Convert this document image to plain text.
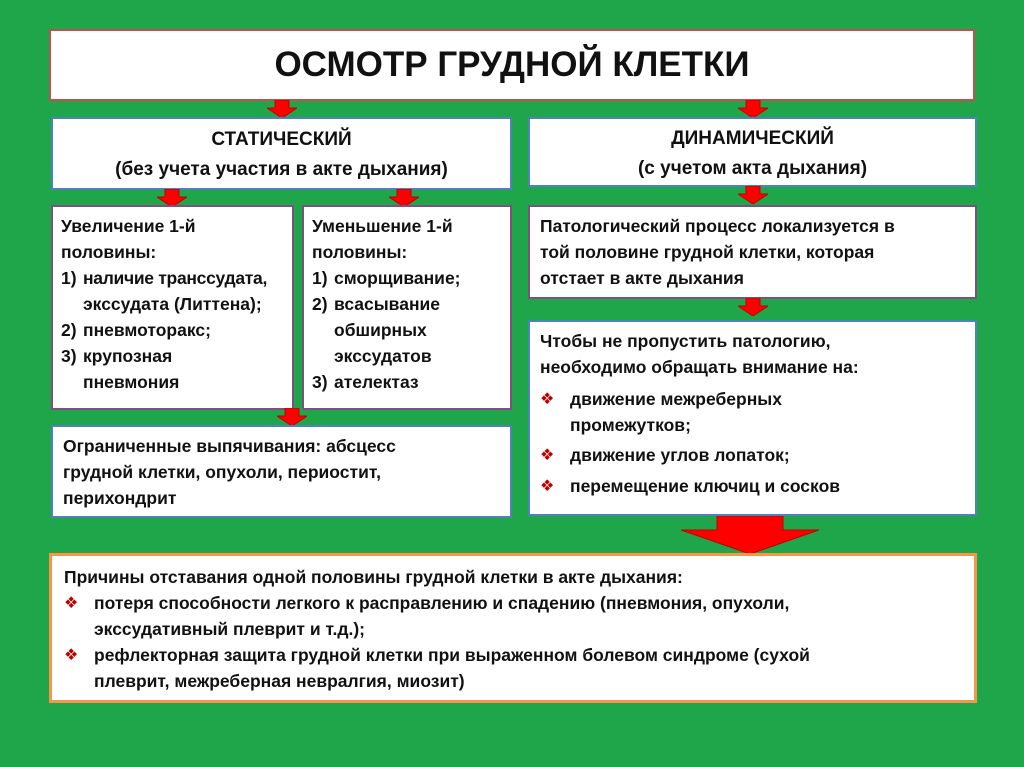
ОСМОТР ГРУДНОЙ КЛЕТКИ
СТАТИЧЕСКИЙ
(без учета участия в акте дыхания)
ДИНАМИЧЕСКИЙ
(с учетом акта дыхания)
Увеличение 1-й
половины:
1) наличие транссудата,
экссудата (Литтена);
2) пневмоторакс;
3) крупозная
пневмония
Уменьшение 1-й
половины:
1) сморщивание;
2) всасывание
обширных
экссудатов
3) ателектаз
Патологический процесс локализуется в
той половине грудной клетки, которая
отстает в акте дыхания
Ограниченные выпячивания: абсцесс
грудной клетки, опухоли, периостит,
перихондрит
Чтобы не пропустить патологию,
необходимо обращать внимание на:
❖ движение межреберных
промежутков;
❖ движение углов лопаток;
❖ перемещение ключиц и сосков
Причины отставания одной половины грудной клетки в акте дыхания:
❖ потеря способности легкого к расправлению и спадению (пневмония, опухоли,
экссудативный плеврит и т.д.);
❖ рефлекторная защита грудной клетки при выраженном болевом синдроме (сухой
плеврит, межреберная невралгия, миозит)
